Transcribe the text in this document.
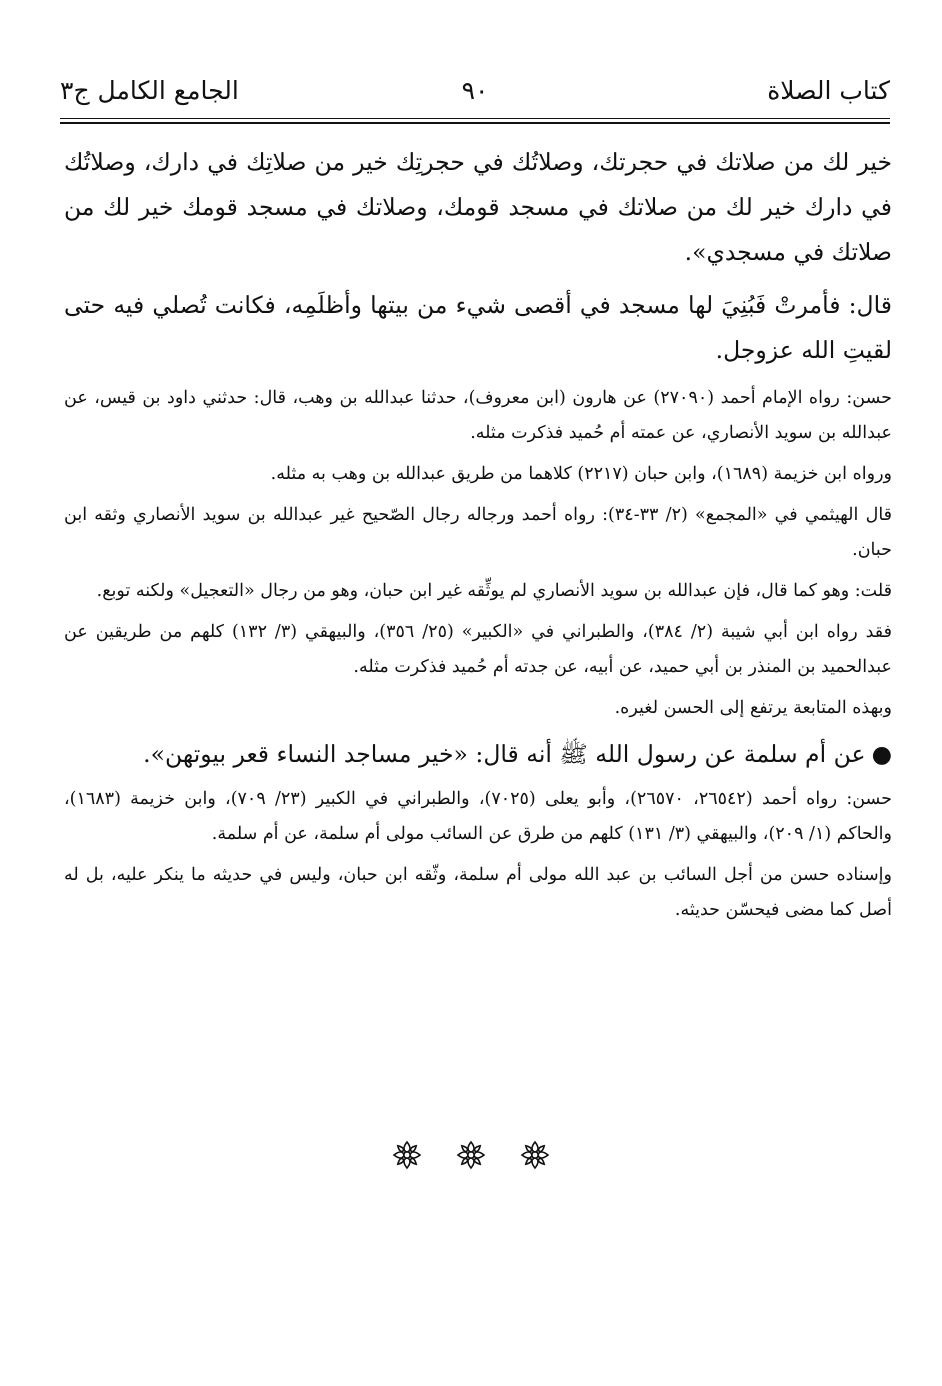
كتاب الصلاة
٩٠
الجامع الكامل ج٣

خير لك من صلاتك في حجرتك، وصلاتُك في حجرتِك خير من صلاتِك في دارك، وصلاتُك في دارك خير لك من صلاتك في مسجد قومك، وصلاتك في مسجد قومك خير لك من صلاتك في مسجدي».

قال: فأمرتْ فَبُنِيَ لها مسجد في أقصى شيء من بيتها وأظلَمِه، فكانت تُصلي فيه حتى لقيتِ الله عزوجل.

حسن: رواه الإمام أحمد (٢٧٠٩٠) عن هارون (ابن معروف)، حدثنا عبدالله بن وهب، قال: حدثني داود بن قيس، عن عبدالله بن سويد الأنصاري، عن عمته أم حُميد فذكرت مثله.

ورواه ابن خزيمة (١٦٨٩)، وابن حبان (٢٢١٧) كلاهما من طريق عبدالله بن وهب به مثله.

قال الهيثمي في «المجمع» (٢/ ٣٣-٣٤): رواه أحمد ورجاله رجال الصّحيح غير عبدالله بن سويد الأنصاري وثقه ابن حبان.

قلت: وهو كما قال، فإن عبدالله بن سويد الأنصاري لم يوثِّقه غير ابن حبان، وهو من رجال «التعجيل» ولكنه توبع.

فقد رواه ابن أبي شيبة (٢/ ٣٨٤)، والطبراني في «الكبير» (٢٥/ ٣٥٦)، والبيهقي (٣/ ١٣٢) كلهم من طريقين عن عبدالحميد بن المنذر بن أبي حميد، عن أبيه، عن جدته أم حُميد فذكرت مثله.

وبهذه المتابعة يرتفع إلى الحسن لغيره.

●عن أم سلمة عن رسول الله ﷺ أنه قال: «خير مساجد النساء قعر بيوتهن».

حسن: رواه أحمد (٢٦٥٤٢، ٢٦٥٧٠)، وأبو يعلى (٧٠٢٥)، والطبراني في الكبير (٢٣/ ٧٠٩)، وابن خزيمة (١٦٨٣)، والحاكم (١/ ٢٠٩)، والبيهقي (٣/ ١٣١) كلهم من طرق عن السائب مولى أم سلمة، عن أم سلمة.

وإسناده حسن من أجل السائب بن عبد الله مولى أم سلمة، وثّقه ابن حبان، وليس في حديثه ما ينكر عليه، بل له أصل كما مضى فيحسّن حديثه.
